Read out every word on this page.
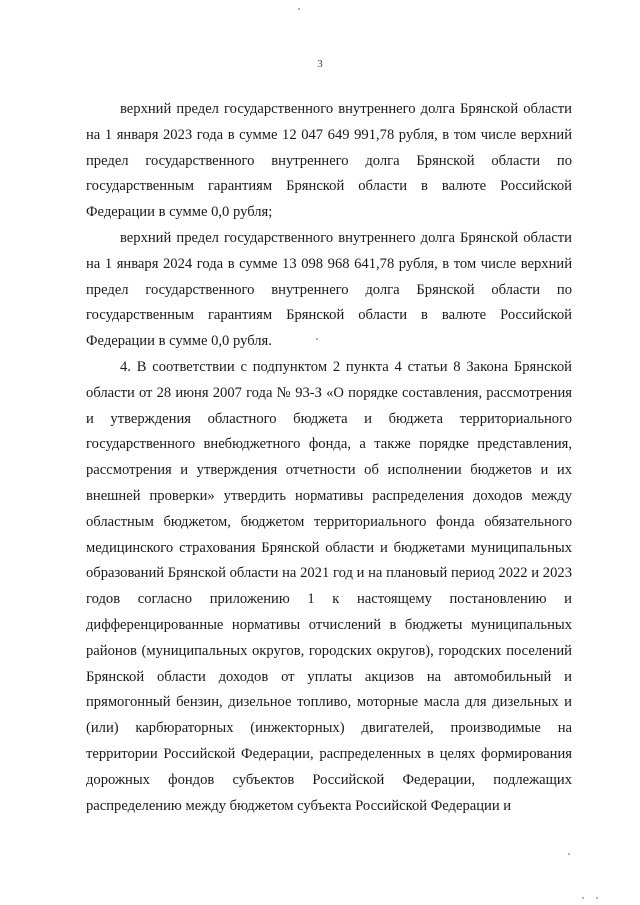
3

верхний предел государственного внутреннего долга Брянской области на 1 января 2023 года в сумме 12 047 649 991,78 рубля, в том числе верхний предел государственного внутреннего долга Брянской области по государственным гарантиям Брянской области в валюте Российской Федерации в сумме 0,0 рубля;

верхний предел государственного внутреннего долга Брянской области на 1 января 2024 года в сумме 13 098 968 641,78 рубля, в том числе верхний предел государственного внутреннего долга Брянской области по государственным гарантиям Брянской области в валюте Российской Федерации в сумме 0,0 рубля.

4. В соответствии с подпунктом 2 пункта 4 статьи 8 Закона Брянской области от 28 июня 2007 года № 93-З «О порядке составления, рассмотрения и утверждения областного бюджета и бюджета территориального государственного внебюджетного фонда, а также порядке представления, рассмотрения и утверждения отчетности об исполнении бюджетов и их внешней проверки» утвердить нормативы распределения доходов между областным бюджетом, бюджетом территориального фонда обязательного медицинского страхования Брянской области и бюджетами муниципальных образований Брянской области на 2021 год и на плановый период 2022 и 2023 годов согласно приложению 1 к настоящему постановлению и дифференцированные нормативы отчислений в бюджеты муниципальных районов (муниципальных округов, городских округов), городских поселений Брянской области доходов от уплаты акцизов на автомобильный и прямогонный бензин, дизельное топливо, моторные масла для дизельных и (или) карбюраторных (инжекторных) двигателей, производимые на территории Российской Федерации, распределенных в целях формирования дорожных фондов субъектов Российской Федерации, подлежащих распределению между бюджетом субъекта Российской Федерации и
